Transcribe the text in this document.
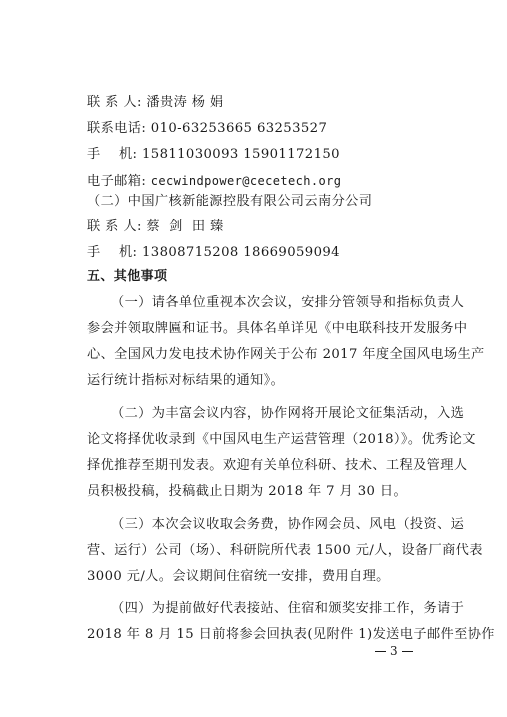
联 系 人: 潘贵涛 杨 娟
联系电话: 010-63253665 63253527
手    机: 15811030093 15901172150
电子邮箱: cecwindpower@cecetech.org
（二）中国广核新能源控股有限公司云南分公司
联 系 人: 蔡  剑  田 臻
手    机: 13808715208 18669059094
五、其他事项
（一）请各单位重视本次会议，安排分管领导和指标负责人
参会并领取牌匾和证书。具体名单详见《中电联科技开发服务中
心、全国风力发电技术协作网关于公布 2017 年度全国风电场生产
运行统计指标对标结果的通知》。
（二）为丰富会议内容，协作网将开展论文征集活动，入选
论文将择优收录到《中国风电生产运营管理（2018）》。优秀论文
择优推荐至期刊发表。欢迎有关单位科研、技术、工程及管理人
员积极投稿，投稿截止日期为 2018 年 7 月 30 日。
（三）本次会议收取会务费，协作网会员、风电（投资、运
营、运行）公司（场）、科研院所代表 1500 元/人，设备厂商代表
3000 元/人。会议期间住宿统一安排，费用自理。
（四）为提前做好代表接站、住宿和颁奖安排工作，务请于
2018 年 8 月 15 日前将参会回执表(见附件 1)发送电子邮件至协作
3
